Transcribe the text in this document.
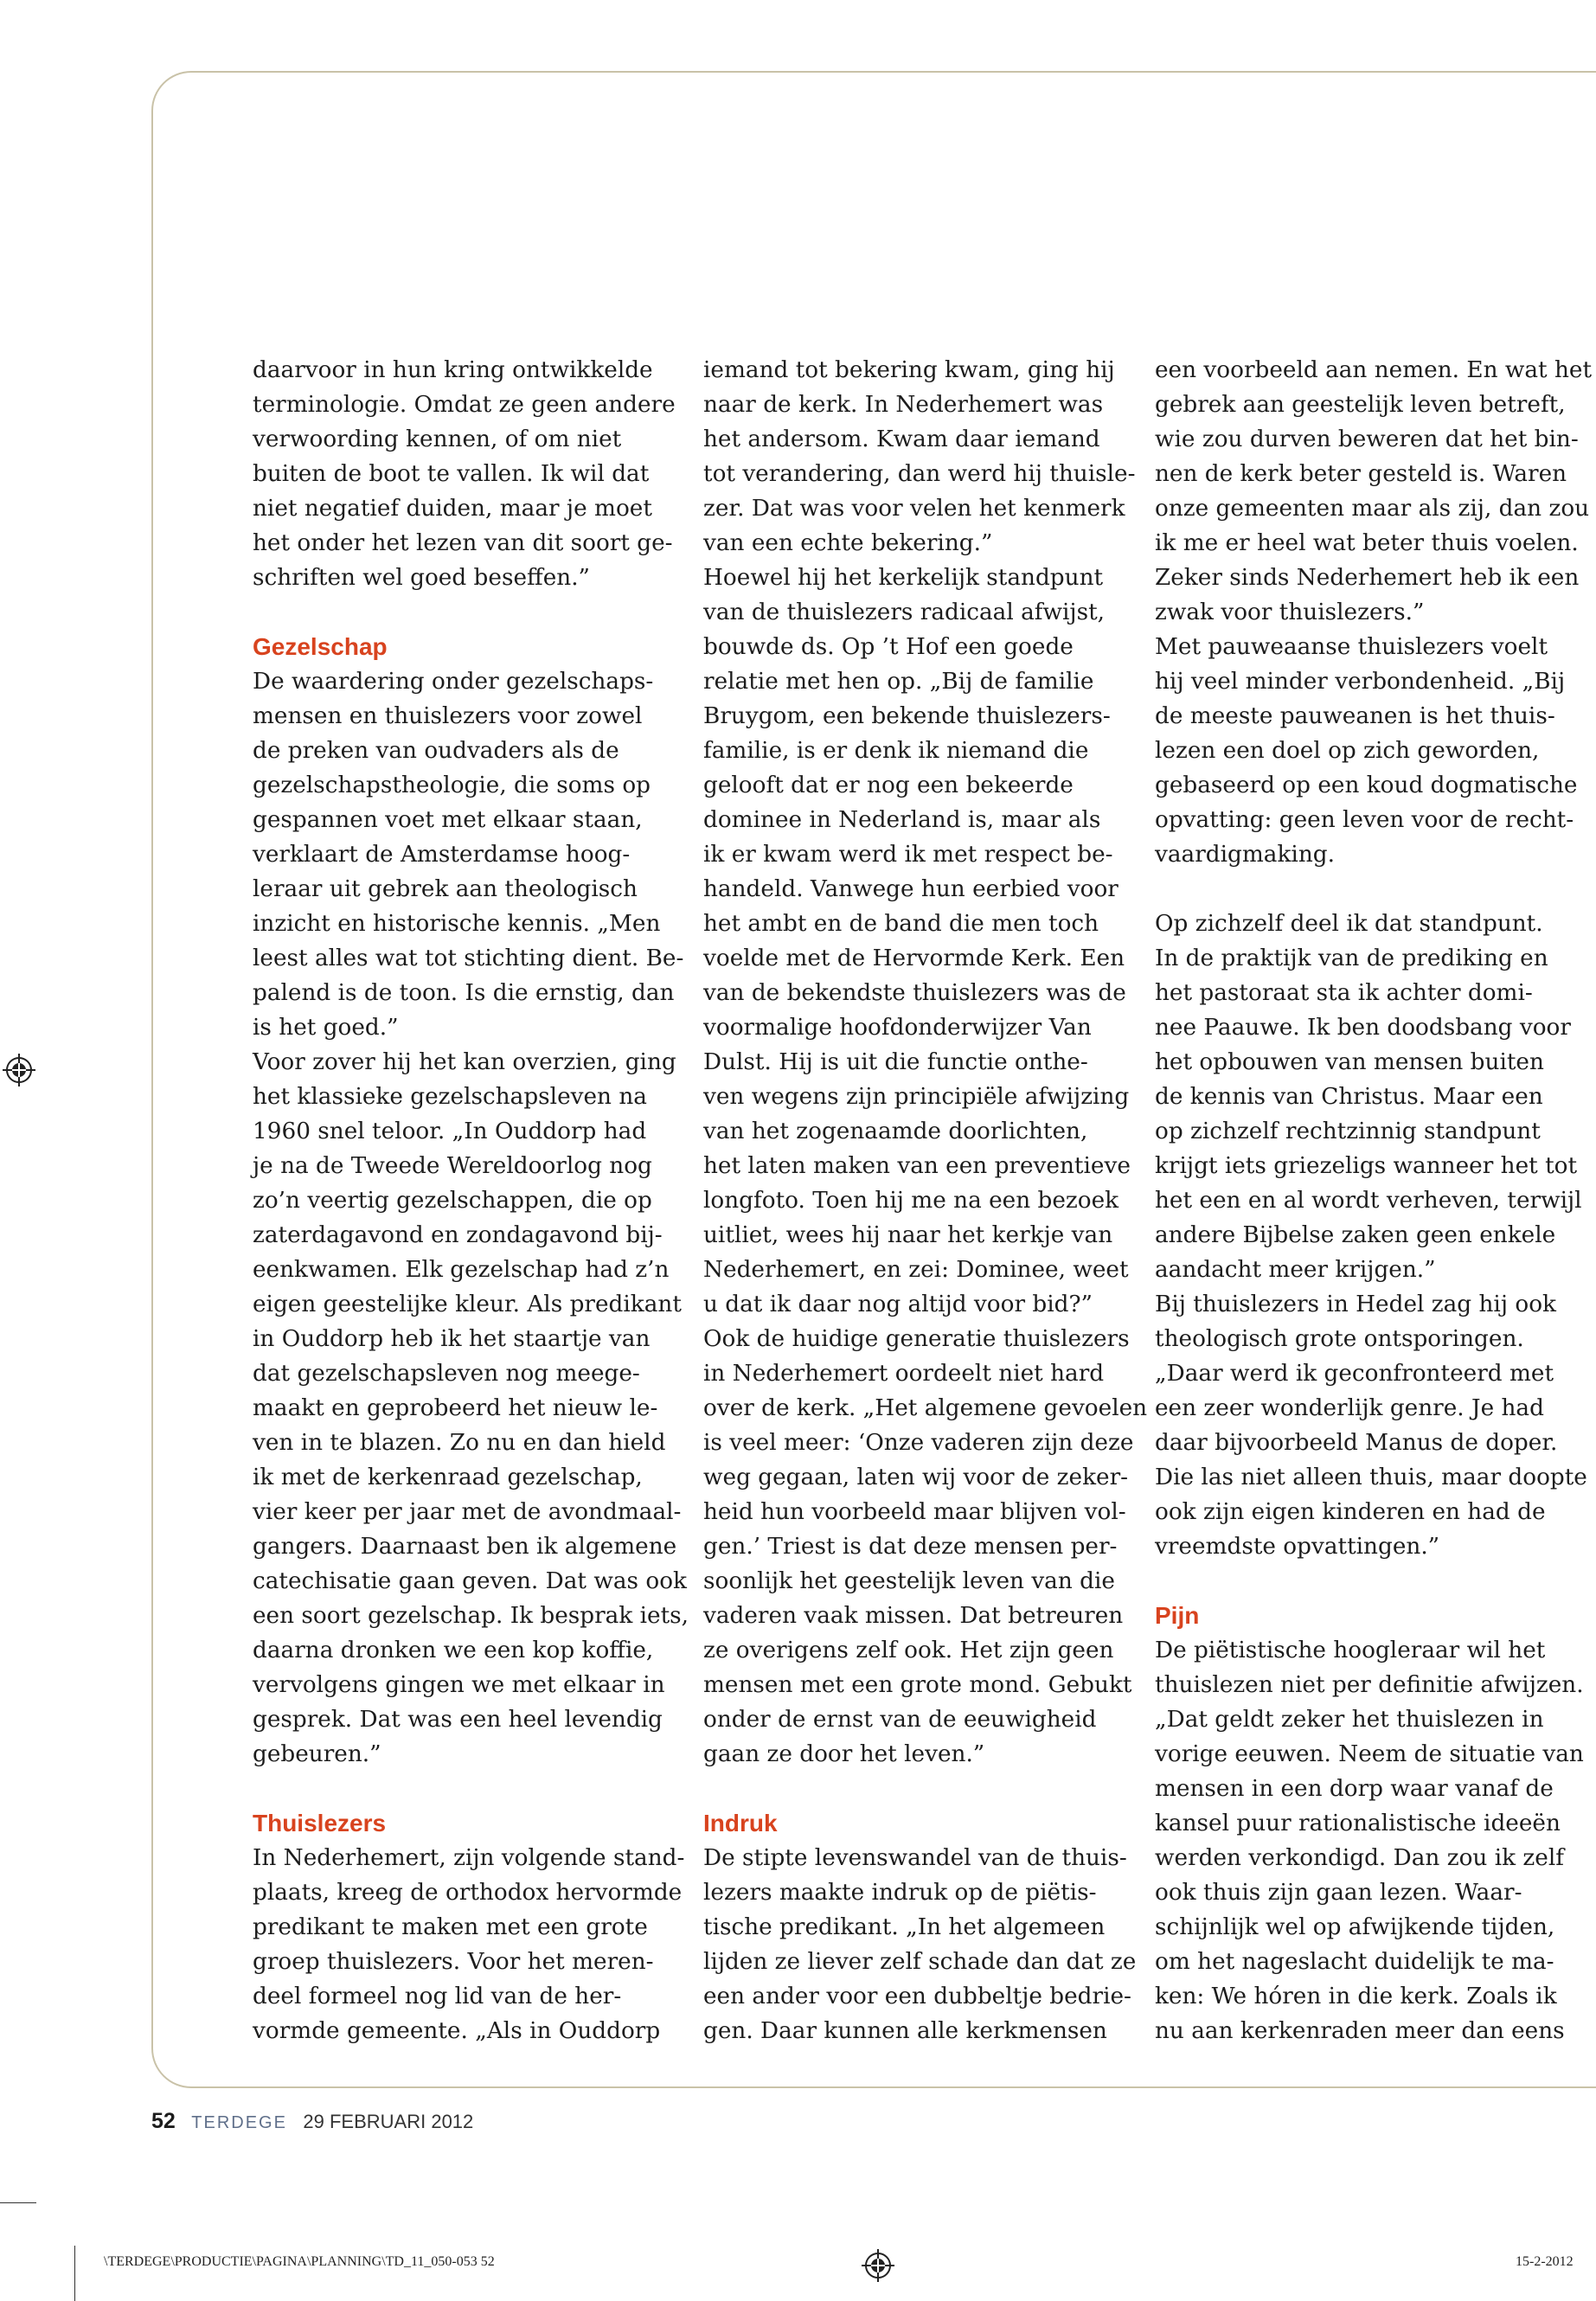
daarvoor in hun kring ontwikkelde

terminologie. Omdat ze geen andere

verwoording kennen, of om niet

buiten de boot te vallen. Ik wil dat

niet negatief duiden, maar je moet

het onder het lezen van dit soort ge-

schriften wel goed beseffen.”

Gezelschap

De waardering onder gezelschaps-

mensen en thuislezers voor zowel

de preken van oudvaders als de

gezelschapstheologie, die soms op

gespannen voet met elkaar staan,

verklaart de Amsterdamse hoog-

leraar uit gebrek aan theologisch

inzicht en historische kennis. „Men

leest alles wat tot stichting dient. Be-

palend is de toon. Is die ernstig, dan

is het goed.”

Voor zover hij het kan overzien, ging

het klassieke gezelschapsleven na

1960 snel teloor. „In Ouddorp had

je na de Tweede Wereldoorlog nog

zo’n veertig gezelschappen, die op

zaterdagavond en zondagavond bij-

eenkwamen. Elk gezelschap had z’n

eigen geestelijke kleur. Als predikant

in Ouddorp heb ik het staartje van

dat gezelschapsleven nog meege-

maakt en geprobeerd het nieuw le-

ven in te blazen. Zo nu en dan hield

ik met de kerkenraad gezelschap,

vier keer per jaar met de avondmaal-

gangers. Daarnaast ben ik algemene

catechisatie gaan geven. Dat was ook

een soort gezelschap. Ik besprak iets,

daarna dronken we een kop koffie,

vervolgens gingen we met elkaar in

gesprek. Dat was een heel levendig

gebeuren.”

Thuislezers

In Nederhemert, zijn volgende stand-

plaats, kreeg de orthodox hervormde

predikant te maken met een grote

groep thuislezers. Voor het meren-

deel formeel nog lid van de her-

vormde gemeente. „Als in Ouddorp

iemand tot bekering kwam, ging hij

naar de kerk. In Nederhemert was

het andersom. Kwam daar iemand

tot verandering, dan werd hij thuisle-

zer. Dat was voor velen het kenmerk

van een echte bekering.”

Hoewel hij het kerkelijk standpunt

van de thuislezers radicaal afwijst,

bouwde ds. Op ’t Hof een goede

relatie met hen op. „Bij de familie

Bruygom, een bekende thuislezers-

familie, is er denk ik niemand die

gelooft dat er nog een bekeerde

dominee in Nederland is, maar als

ik er kwam werd ik met respect be-

handeld. Vanwege hun eerbied voor

het ambt en de band die men toch

voelde met de Hervormde Kerk. Een

van de bekendste thuislezers was de

voormalige hoofdonderwijzer Van

Dulst. Hij is uit die functie onthe-

ven wegens zijn principiële afwijzing

van het zogenaamde doorlichten,

het laten maken van een preventieve

longfoto. Toen hij me na een bezoek

uitliet, wees hij naar het kerkje van

Nederhemert, en zei: Dominee, weet

u dat ik daar nog altijd voor bid?”

Ook de huidige generatie thuislezers

in Nederhemert oordeelt niet hard

over de kerk. „Het algemene gevoelen

is veel meer: ‘Onze vaderen zijn deze

weg gegaan, laten wij voor de zeker-

heid hun voorbeeld maar blijven vol-

gen.’ Triest is dat deze mensen per-

soonlijk het geestelijk leven van die

vaderen vaak missen. Dat betreuren

ze overigens zelf ook. Het zijn geen

mensen met een grote mond. Gebukt

onder de ernst van de eeuwigheid

gaan ze door het leven.”

Indruk

De stipte levenswandel van de thuis-

lezers maakte indruk op de piëtis-

tische predikant. „In het algemeen

lijden ze liever zelf schade dan dat ze

een ander voor een dubbeltje bedrie-

gen. Daar kunnen alle kerkmensen

een voorbeeld aan nemen. En wat het

gebrek aan geestelijk leven betreft,

wie zou durven beweren dat het bin-

nen de kerk beter gesteld is. Waren

onze gemeenten maar als zij, dan zou

ik me er heel wat beter thuis voelen.

Zeker sinds Nederhemert heb ik een

zwak voor thuislezers.”

Met pauweaanse thuislezers voelt

hij veel minder verbondenheid. „Bij

de meeste pauweanen is het thuis-

lezen een doel op zich geworden,

gebaseerd op een koud dogmatische

opvatting: geen leven voor de recht-

vaardigmaking.

Op zichzelf deel ik dat standpunt.

In de praktijk van de prediking en

het pastoraat sta ik achter domi-

nee Paauwe. Ik ben doodsbang voor

het opbouwen van mensen buiten

de kennis van Christus. Maar een

op zichzelf rechtzinnig standpunt

krijgt iets griezeligs wanneer het tot

het een en al wordt verheven, terwijl

andere Bijbelse zaken geen enkele

aandacht meer krijgen.”

Bij thuislezers in Hedel zag hij ook

theologisch grote ontsporingen.

„Daar werd ik geconfronteerd met

een zeer wonderlijk genre. Je had

daar bijvoorbeeld Manus de doper.

Die las niet alleen thuis, maar doopte

ook zijn eigen kinderen en had de

vreemdste opvattingen.”

Pijn

De piëtistische hoogleraar wil het

thuislezen niet per definitie afwijzen.

„Dat geldt zeker het thuislezen in

vorige eeuwen. Neem de situatie van

mensen in een dorp waar vanaf de

kansel puur rationalistische ideeën

werden verkondigd. Dan zou ik zelf

ook thuis zijn gaan lezen. Waar-

schijnlijk wel op afwijkende tijden,

om het nageslacht duidelijk te ma-

ken: We hóren in die kerk. Zoals ik

nu aan kerkenraden meer dan eens

52 TERDEGE 29 FEBRUARI 2012
\TERDEGE\PRODUCTIE\PAGINA\PLANNING\TD_11_050-053 52	15-2-2012
